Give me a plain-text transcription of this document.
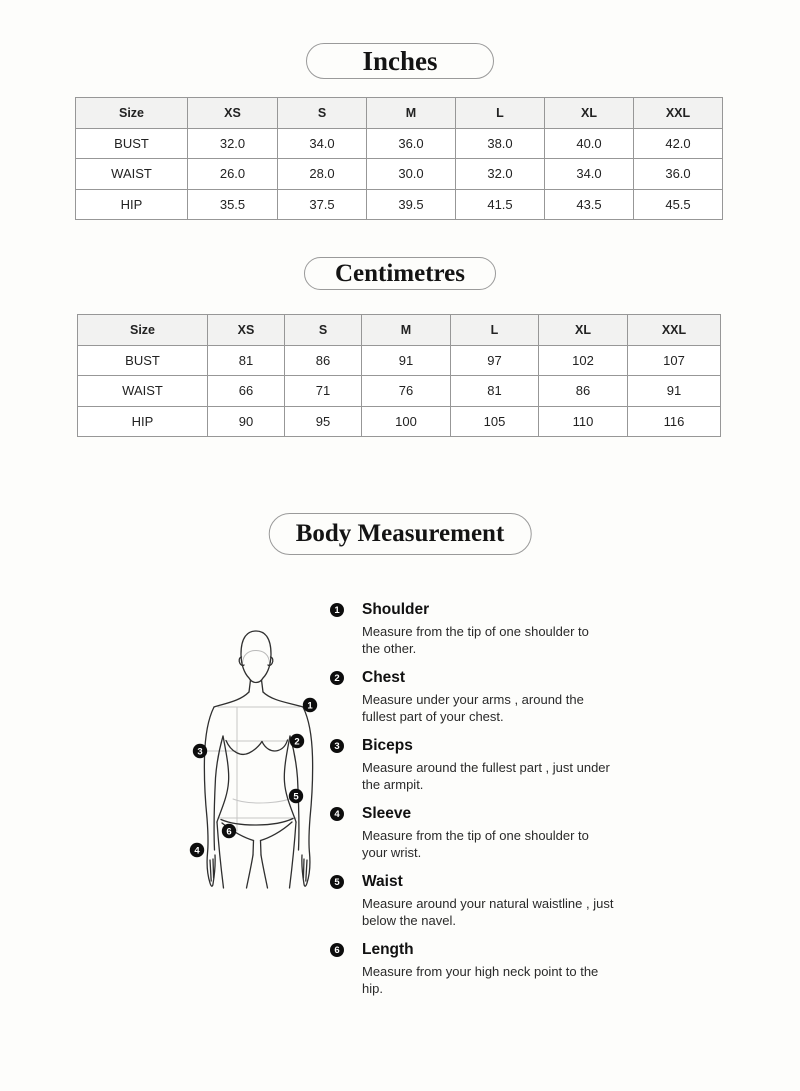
Inches
Size	XS	S	M	L	XL	XXL
BUST	32.0	34.0	36.0	38.0	40.0	42.0
WAIST	26.0	28.0	30.0	32.0	34.0	36.0
HIP	35.5	37.5	39.5	41.5	43.5	45.5
Centimetres
Size	XS	S	M	L	XL	XXL
BUST	81	86	91	97	102	107
WAIST	66	71	76	81	86	91
HIP	90	95	100	105	110	116
Body Measurement
1
2
3
4
5
6
1 Shoulder
Measure from the tip of one shoulder to
the other.
2 Chest
Measure under your arms , around the
fullest part of your chest.
3 Biceps
Measure around the fullest part , just under
the armpit.
4 Sleeve
Measure from the tip of one shoulder to
your wrist.
5 Waist
Measure around your natural waistline , just
below the navel.
6 Length
Measure from your high neck point to the
hip.
